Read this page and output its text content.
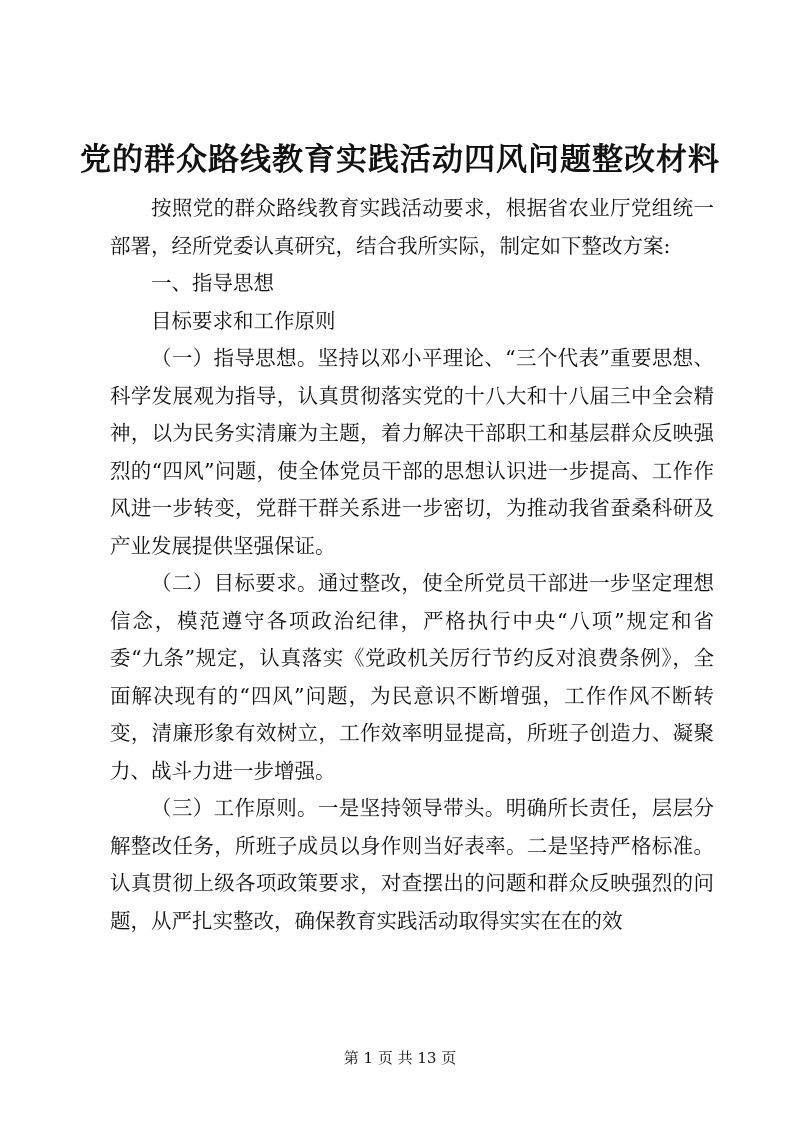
党的群众路线教育实践活动四风问题整改材料

按照党的群众路线教育实践活动要求，根据省农业厅党组统一部署，经所党委认真研究，结合我所实际，制定如下整改方案:

一、指导思想

目标要求和工作原则

（一）指导思想。坚持以邓小平理论、“三个代表”重要思想、科学发展观为指导，认真贯彻落实党的十八大和十八届三中全会精神，以为民务实清廉为主题，着力解决干部职工和基层群众反映强烈的“四风”问题，使全体党员干部的思想认识进一步提高、工作作风进一步转变，党群干群关系进一步密切，为推动我省蚕桑科研及产业发展提供坚强保证。

（二）目标要求。通过整改，使全所党员干部进一步坚定理想信念，模范遵守各项政治纪律，严格执行中央“八项”规定和省委“九条”规定，认真落实《党政机关厉行节约反对浪费条例》，全面解决现有的“四风”问题，为民意识不断增强，工作作风不断转变，清廉形象有效树立，工作效率明显提高，所班子创造力、凝聚力、战斗力进一步增强。

（三）工作原则。一是坚持领导带头。明确所长责任，层层分解整改任务，所班子成员以身作则当好表率。二是坚持严格标准。认真贯彻上级各项政策要求，对查摆出的问题和群众反映强烈的问题，从严扎实整改，确保教育实践活动取得实实在在的效

第 1 页 共 13 页
